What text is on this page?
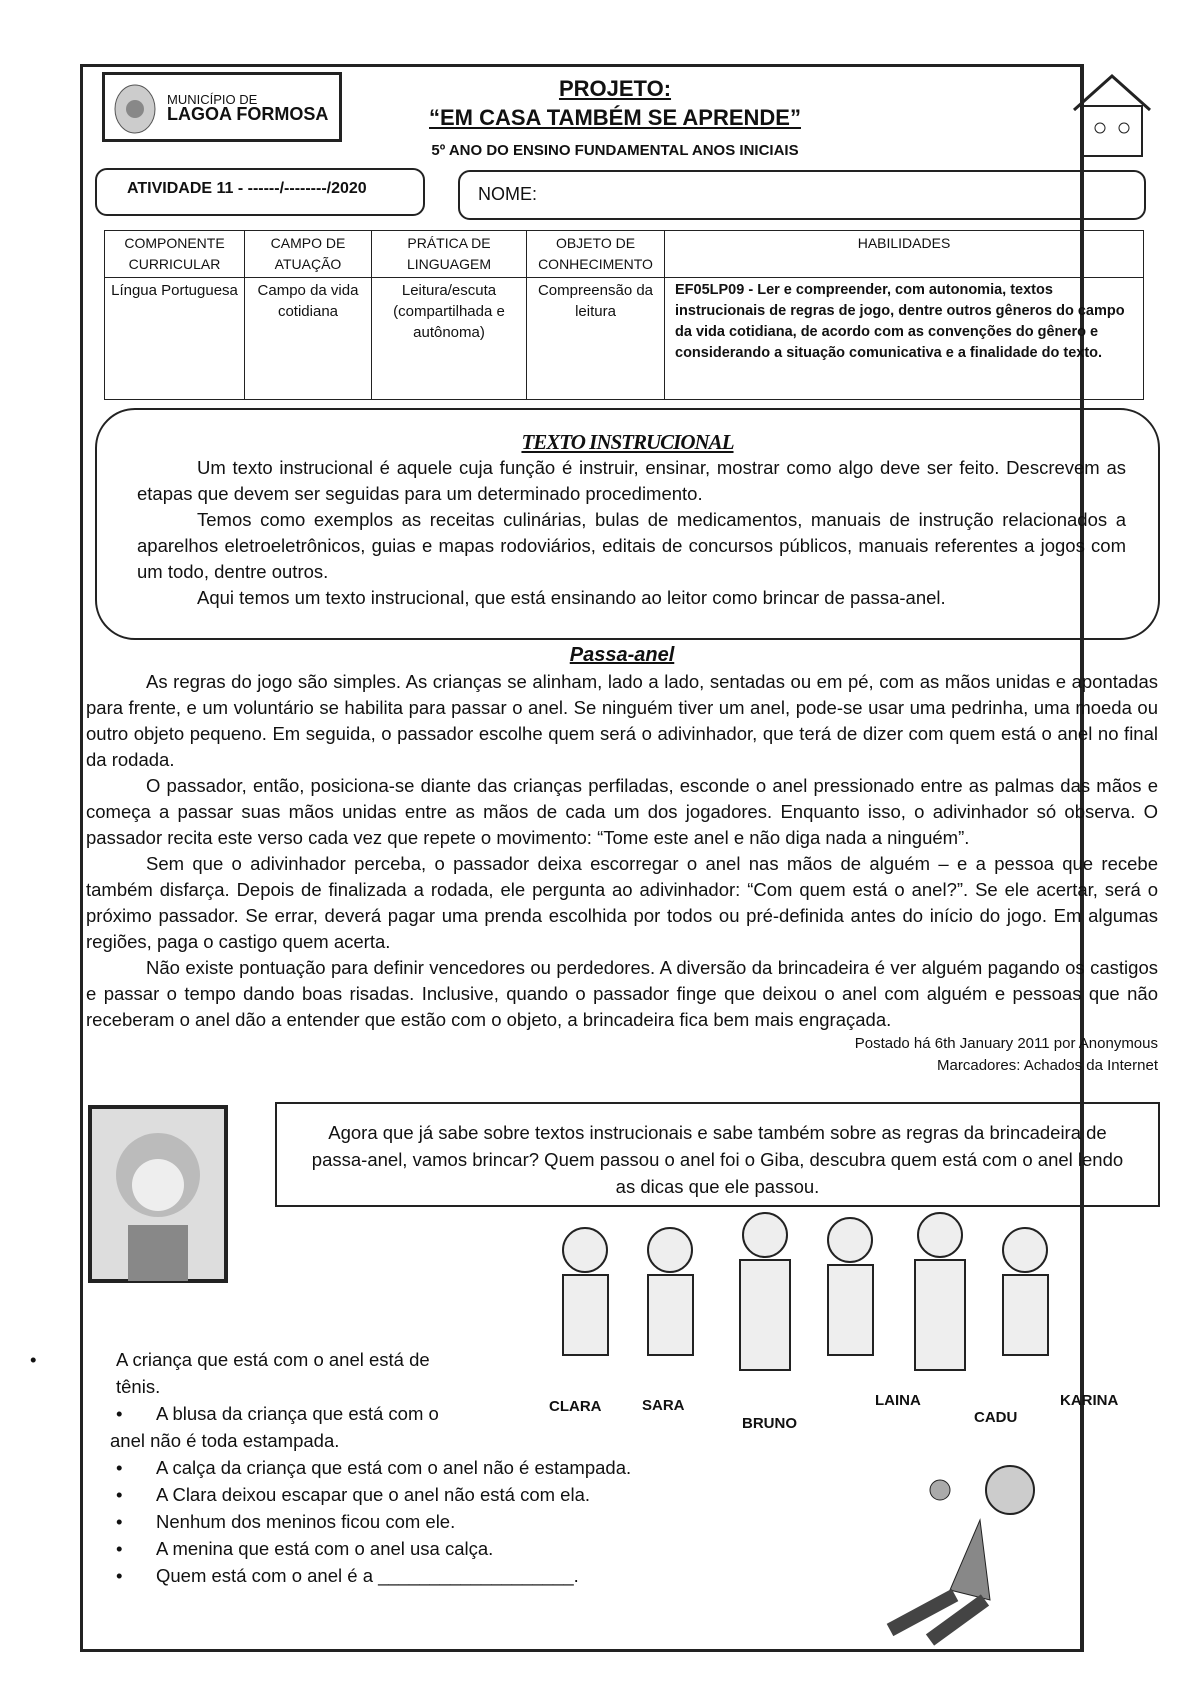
MUNICÍPIO DE
LAGOA FORMOSA
PROJETO:
“EM CASA TAMBÉM SE APRENDE”
5º ANO DO ENSINO FUNDAMENTAL ANOS INICIAIS
ATIVIDADE 11 - ------/--------/2020	NOME:
COMPONENTE CURRICULAR	CAMPO DE ATUAÇÃO	PRÁTICA DE LINGUAGEM	OBJETO DE CONHECIMENTO	HABILIDADES
Língua Portuguesa	Campo da vida cotidiana	Leitura/escuta (compartilhada e autônoma)	Compreensão da leitura	EF05LP09 - Ler e compreender, com autonomia, textos instrucionais de regras de jogo, dentre outros gêneros do campo da vida cotidiana, de acordo com as convenções do gênero e considerando a situação comunicativa e a finalidade do texto.
TEXTO INSTRUCIONAL

Um texto instrucional é aquele cuja função é instruir, ensinar, mostrar como algo deve ser feito. Descrevem as etapas que devem ser seguidas para um determinado procedimento.

Temos como exemplos as receitas culinárias, bulas de medicamentos, manuais de instrução relacionados a aparelhos eletroeletrônicos, guias e mapas rodoviários, editais de concursos públicos, manuais referentes a jogos com um todo, dentre outros.

Aqui temos um texto instrucional, que está ensinando ao leitor como brincar de passa-anel.

Passa-anel

As regras do jogo são simples. As crianças se alinham, lado a lado, sentadas ou em pé, com as mãos unidas e apontadas para frente, e um voluntário se habilita para passar o anel. Se ninguém tiver um anel, pode-se usar uma pedrinha, uma moeda ou outro objeto pequeno. Em seguida, o passador escolhe quem será o adivinhador, que terá de dizer com quem está o anel no final da rodada.

O passador, então, posiciona-se diante das crianças perfiladas, esconde o anel pressionado entre as palmas das mãos e começa a passar suas mãos unidas entre as mãos de cada um dos jogadores. Enquanto isso, o adivinhador só observa. O passador recita este verso cada vez que repete o movimento: “Tome este anel e não diga nada a ninguém”.

Sem que o adivinhador perceba, o passador deixa escorregar o anel nas mãos de alguém – e a pessoa que recebe também disfarça. Depois de finalizada a rodada, ele pergunta ao adivinhador: “Com quem está o anel?”. Se ele acertar, será o próximo passador. Se errar, deverá pagar uma prenda escolhida por todos ou pré-definida antes do início do jogo. Em algumas regiões, paga o castigo quem acerta.

Não existe pontuação para definir vencedores ou perdedores. A diversão da brincadeira é ver alguém pagando os castigos e passar o tempo dando boas risadas. Inclusive, quando o passador finge que deixou o anel com alguém e pessoas que não receberam o anel dão a entender que estão com o objeto, a brincadeira fica bem mais engraçada.

Postado há 6th January 2011 por Anonymous
Marcadores: Achados da Internet
Agora que já sabe sobre textos instrucionais e sabe também sobre as regras da brincadeira de passa-anel, vamos brincar? Quem passou o anel foi o Giba, descubra quem está com o anel lendo as dicas que ele passou.
CLARA	SARA
BRUNO
LAINA
CADU
KARINA
• A criança que está com o anel está de tênis.
• A blusa da criança que está com o anel não é toda estampada.
• A calça da criança que está com o anel não é estampada.
• A Clara deixou escapar que o anel não está com ela.
• Nenhum dos meninos ficou com ele.
• A menina que está com o anel usa calça.
• Quem está com o anel é a ___________________.
